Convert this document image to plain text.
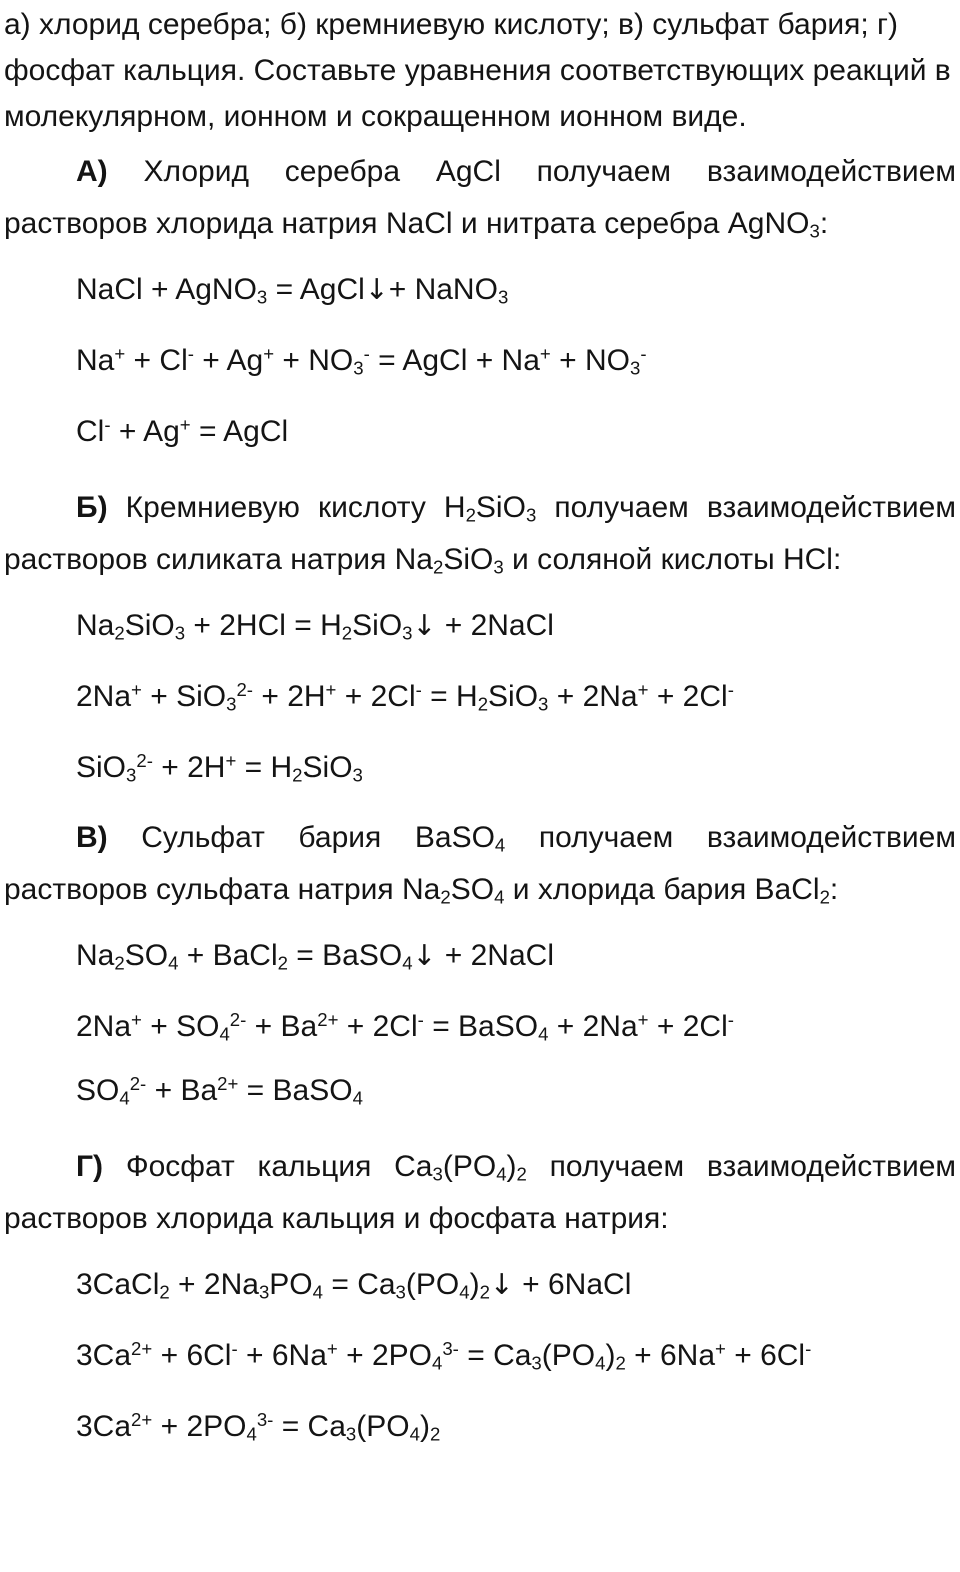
а) хлорид серебра; б) кремниевую кислоту; в) сульфат бария; г) фосфат кальция. Составьте уравнения соответствующих реакций в молекулярном, ионном и сокращенном ионном виде.

А) Хлорид серебра AgCl получаем взаимодействием растворов хлорида натрия NaCl и нитрата серебра AgNO$_3$:

NaCl + AgNO$_3$ = AgCl↓+ NaNO$_3$

$Na^+ + Cl^- + Ag^+ + NO_3^-$ = AgCl + $Na^+ + NO_3^-$

Cl- + Ag+ = AgCl

Б) Кремниевую кислоту $H_2SiO_3$ получаем взаимодействием растворов силиката натрия $Na_2SiO_3$ и соляной кислоты HCl:

$Na_2SiO_3 + 2HCl$ = $H_2SiO_3↓$ + 2NaCl

$2Na^+ + SiO_3^{2-} + 2H^+ + 2Cl^- = H_2SiO_3 + 2Na^+ + 2Cl^-$

$SiO_3^{2-} + 2H^+ = H_2SiO_3$

В) Сульфат бария BaSO$_4$ получаем взаимодействием растворов сульфата натрия $Na_2SO_4$ и хлорида бария BaCl$_2$:

$Na_2SO_4$ + BaCl$_2$ = BaSO$_4$↓ + 2NaCl

$2Na^+ + SO_4^{2-} + Ba^{2+} + 2Cl^-$ = BaSO$_4$ + 2Na+ + 2Cl-

$SO_4^{2-} + Ba^{2+}$ = BaSO$_4$

Г) Фосфат кальция $Ca_3(PO_4)_2$ получаем взаимодействием растворов хлорида кальция и фосфата натрия:

3CaCl$_2$ + $2Na_3PO_4$ = $Ca_3(PO_4)_2↓$ + 6NaCl

$3Ca^{2+} + 6Cl^- + 6Na^+ + 2PO_4^{3-} = Ca_3(PO_4)_2 + 6Na^+ + 6Cl^-$

$3Ca^{2+} + 2PO_4^{3-} = Ca_3(PO_4)_2$
